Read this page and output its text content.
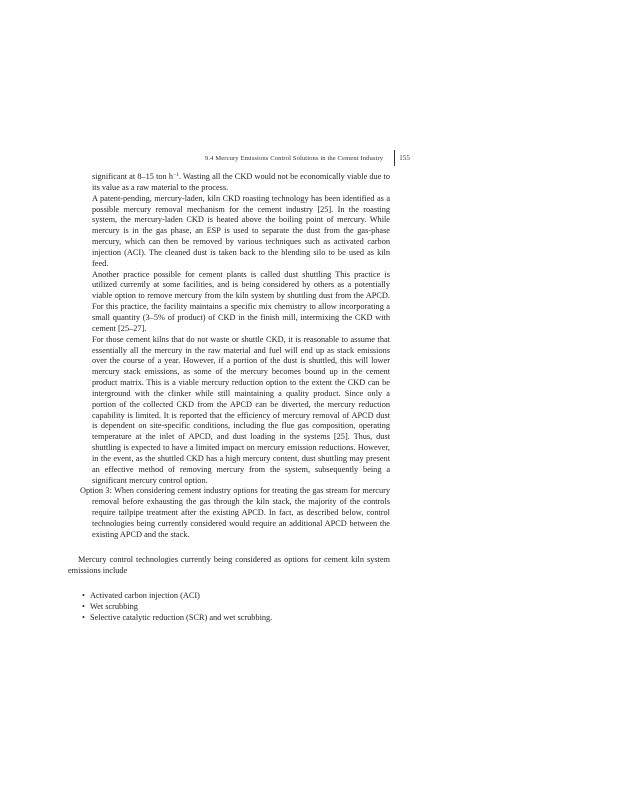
9.4 Mercury Emissions Control Solutions in the Cement Industry 155

significant at 8–15 ton $h^{-1}$. Wasting all the CKD would not be economically viable due to its value as a raw material to the process.

A patent-pending, mercury-laden, kiln CKD roasting technology has been identified as a possible mercury removal mechanism for the cement industry [25]. In the roasting system, the mercury-laden CKD is heated above the boiling point of mercury. While mercury is in the gas phase, an ESP is used to separate the dust from the gas-phase mercury, which can then be removed by various techniques such as activated carbon injection (ACI). The cleaned dust is taken back to the blending silo to be used as kiln feed.

Another practice possible for cement plants is called dust shuttling This practice is utilized currently at some facilities, and is being considered by others as a potentially viable option to remove mercury from the kiln system by shuttling dust from the APCD. For this practice, the facility maintains a specific mix chemistry to allow incorporating a small quantity (3–5% of product) of CKD in the finish mill, intermixing the CKD with cement [25–27].

For those cement kilns that do not waste or shuttle CKD, it is reasonable to assume that essentially all the mercury in the raw material and fuel will end up as stack emissions over the course of a year. However, if a portion of the dust is shuttled, this will lower mercury stack emissions, as some of the mercury becomes bound up in the cement product matrix. This is a viable mercury reduction option to the extent the CKD can be interground with the clinker while still maintaining a quality product. Since only a portion of the collected CKD from the APCD can be diverted, the mercury reduction capability is limited. It is reported that the efficiency of mercury removal of APCD dust is dependent on site-specific conditions, including the flue gas composition, operating temperature at the inlet of APCD, and dust loading in the systems [25]. Thus, dust shuttling is expected to have a limited impact on mercury emission reductions. However, in the event, as the shuttled CKD has a high mercury content, dust shuttling may present an effective method of removing mercury from the system, subsequently being a significant mercury control option.

Option 3: When considering cement industry options for treating the gas stream for mercury removal before exhausting the gas through the kiln stack, the majority of the controls require tailpipe treatment after the existing APCD. In fact, as described below, control technologies being currently considered would require an additional APCD between the existing APCD and the stack.

Mercury control technologies currently being considered as options for cement kiln system emissions include

• Activated carbon injection (ACI)
• Wet scrubbing
• Selective catalytic reduction (SCR) and wet scrubbing.
